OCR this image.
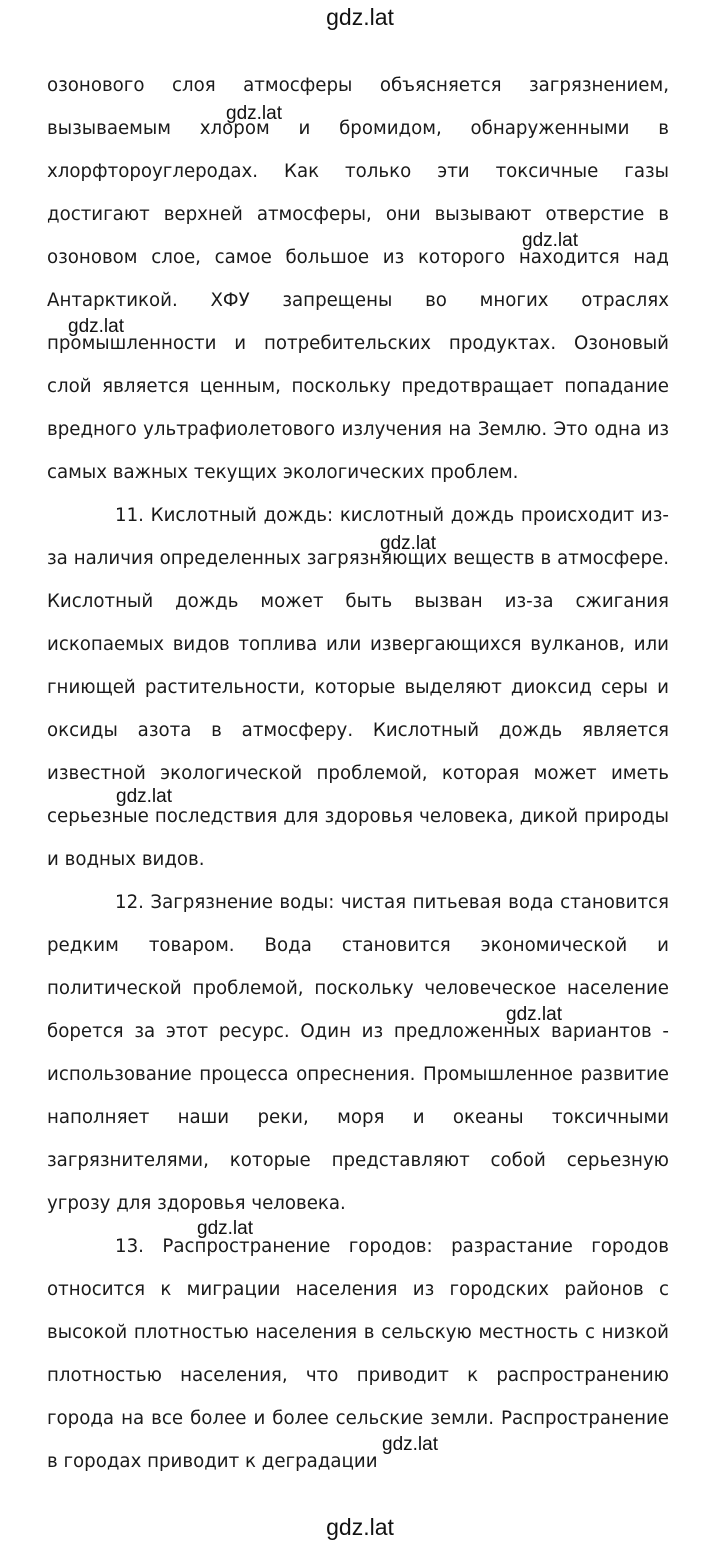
gdz.lat

озонового слоя атмосферы объясняется загрязнением, вызываемым хлором и бромидом, обнаруженными в хлорфтороуглеродах. Как только эти токсичные газы достигают верхней атмосферы, они вызывают отверстие в озоновом слое, самое большое из которого находится над Антарктикой. ХФУ запрещены во многих отраслях промышленности и потребительских продуктах. Озоновый слой является ценным, поскольку предотвращает попадание вредного ультрафиолетового излучения на Землю. Это одна из самых важных текущих экологических проблем.

11. Кислотный дождь: кислотный дождь происходит из-за наличия определенных загрязняющих веществ в атмосфере. Кислотный дождь может быть вызван из-за сжигания ископаемых видов топлива или извергающихся вулканов, или гниющей растительности, которые выделяют диоксид серы и оксиды азота в атмосферу. Кислотный дождь является известной экологической проблемой, которая может иметь серьезные последствия для здоровья человека, дикой природы и водных видов.

12. Загрязнение воды: чистая питьевая вода становится редким товаром. Вода становится экономической и политической проблемой, поскольку человеческое население борется за этот ресурс. Один из предложенных вариантов - использование процесса опреснения. Промышленное развитие наполняет наши реки, моря и океаны токсичными загрязнителями, которые представляют собой серьезную угрозу для здоровья человека.

13. Распространение городов: разрастание городов относится к миграции населения из городских районов с высокой плотностью населения в сельскую местность с низкой плотностью населения, что приводит к распространению города на все более и более сельские земли. Распространение в городах приводит к деградации

gdz.lat
gdz.lat
gdz.lat
gdz.lat
gdz.lat
gdz.lat
gdz.lat
gdz.lat
gdz.lat
